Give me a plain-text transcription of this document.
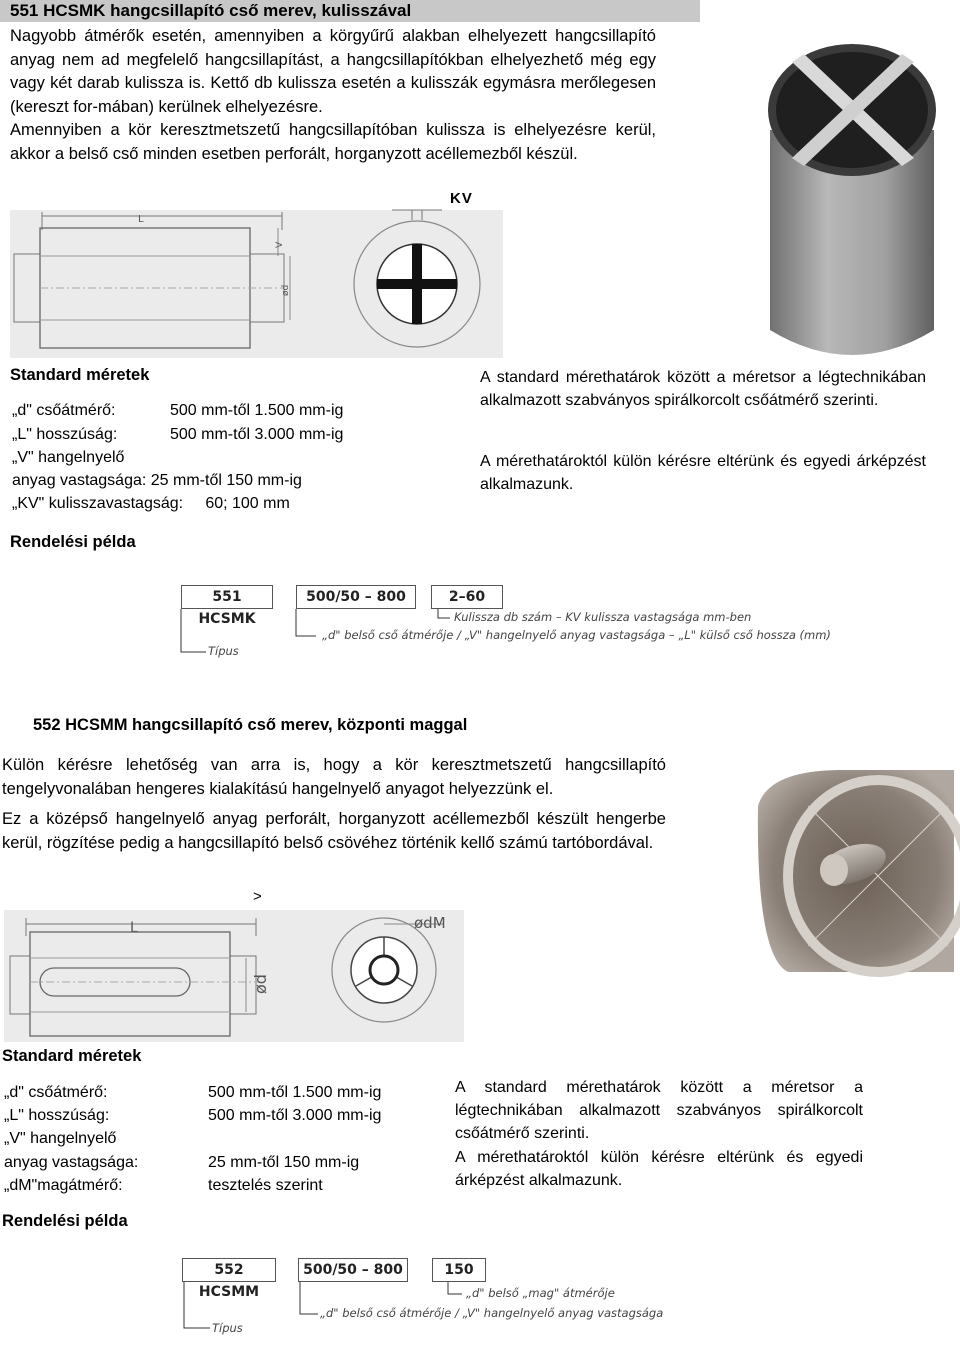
551 HCSMK hangcsillapító cső merev, kulisszával
Nagyobb átmérők esetén, amennyiben a körgyűrű alakban elhelyezett hangcsillapító anyag nem ad megfelelő hangcsillapítást, a hangcsillapítókban elhelyezhető még egy vagy két darab kulissza is. Kettő db kulissza esetén a kulisszák egymásra merőlegesen (kereszt for-mában) kerülnek elhelyezésre.
Amennyiben a kör keresztmetszetű hangcsillapítóban kulissza is elhelyezésre kerül, akkor a belső cső minden esetben perforált, horganyzott acéllemezből készül.
L
V
ød
KV
Standard méretek
„d" csőátmérő:	500 mm-től 1.500 mm-ig
„L" hosszúság:	500 mm-től 3.000 mm-ig
„V" hangelnyelő
anyag vastagsága: 25 mm-től 150 mm-ig
„KV" kulisszavastagság:     60; 100 mm
A standard mérethatárok között a méretsor a légtechnikában alkalmazott szabványos spirálkorcolt csőátmérő szerinti.
A mérethatároktól külön kérésre eltérünk és egyedi árképzést alkalmazunk.
Rendelési példa
551 HCSMK
500/50 – 800	2–60
Kulissza db szám – KV kulissza vastagsága mm-ben
„d" belső cső átmérője / „V" hangelnyelő anyag vastagsága – „L" külső cső hossza (mm)
Típus
552 HCSMM hangcsillapító cső merev, központi maggal
Külön kérésre lehetőség van arra is, hogy a kör keresztmetszetű hangcsillapító tengelyvonalában hengeres kialakítású hangelnyelő anyagot helyezzünk el.
Ez a középső hangelnyelő anyag perforált, horganyzott acéllemezből készült hengerbe kerül, rögzítése pedig a hangcsillapító belső csövéhez történik kellő számú tartóbordával.
>
L
ød
ødM
Standard méretek
„d" csőátmérő:	500 mm-től 1.500 mm-ig
„L" hosszúság:	500 mm-től 3.000 mm-ig
„V" hangelnyelő
anyag vastagsága:	25 mm-től 150 mm-ig
„dM"magátmérő:	tesztelés szerint
A standard mérethatárok között a méretsor a légtechnikában alkalmazott szabványos spirálkorcolt csőátmérő szerinti.
A mérethatároktól külön kérésre eltérünk és egyedi árképzést alkalmazunk.
Rendelési példa
552 HCSMM
500/50 – 800	150
„d" belső „mag" átmérője
„d" belső cső átmérője / „V" hangelnyelő anyag vastagsága
Típus
